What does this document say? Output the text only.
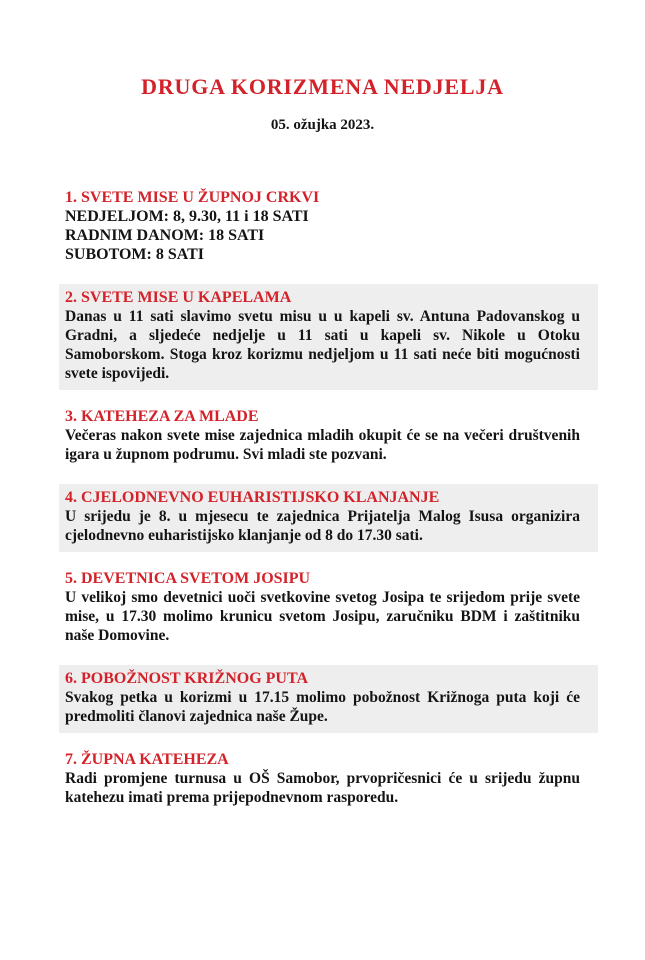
DRUGA KORIZMENA NEDJELJA
05. ožujka 2023.
1. SVETE MISE U ŽUPNOJ CRKVI
NEDJELJOM: 8, 9.30, 11 i 18 SATI
RADNIM DANOM: 18 SATI
SUBOTOM: 8 SATI
2. SVETE MISE U KAPELAMA
Danas u 11 sati slavimo svetu misu u u kapeli sv. Antuna Padovanskog u Gradni, a sljedeće nedjelje u 11 sati u kapeli sv. Nikole u Otoku Samoborskom. Stoga kroz korizmu nedjeljom u 11 sati neće biti mogućnosti svete ispovijedi.
3. KATEHEZA ZA MLADE
Večeras nakon svete mise zajednica mladih okupit će se na večeri društvenih igara u župnom podrumu. Svi mladi ste pozvani.
4. CJELODNEVNO EUHARISTIJSKO KLANJANJE
U srijedu je 8. u mjesecu te zajednica Prijatelja Malog Isusa organizira cjelodnevno euharistijsko klanjanje od 8 do 17.30 sati.
5. DEVETNICA SVETOM JOSIPU
U velikoj smo devetnici uoči svetkovine svetog Josipa te srijedom prije svete mise, u 17.30 molimo krunicu svetom Josipu, zaručniku BDM i zaštitniku naše Domovine.
6. POBOŽNOST KRIŽNOG PUTA
Svakog petka u korizmi u 17.15 molimo pobožnost Križnoga puta koji će predmoliti članovi zajednica naše Župe.
7. ŽUPNA KATEHEZA
Radi promjene turnusa u OŠ Samobor, prvopričesnici će u srijedu župnu katehezu imati prema prijepodnevnom rasporedu.
